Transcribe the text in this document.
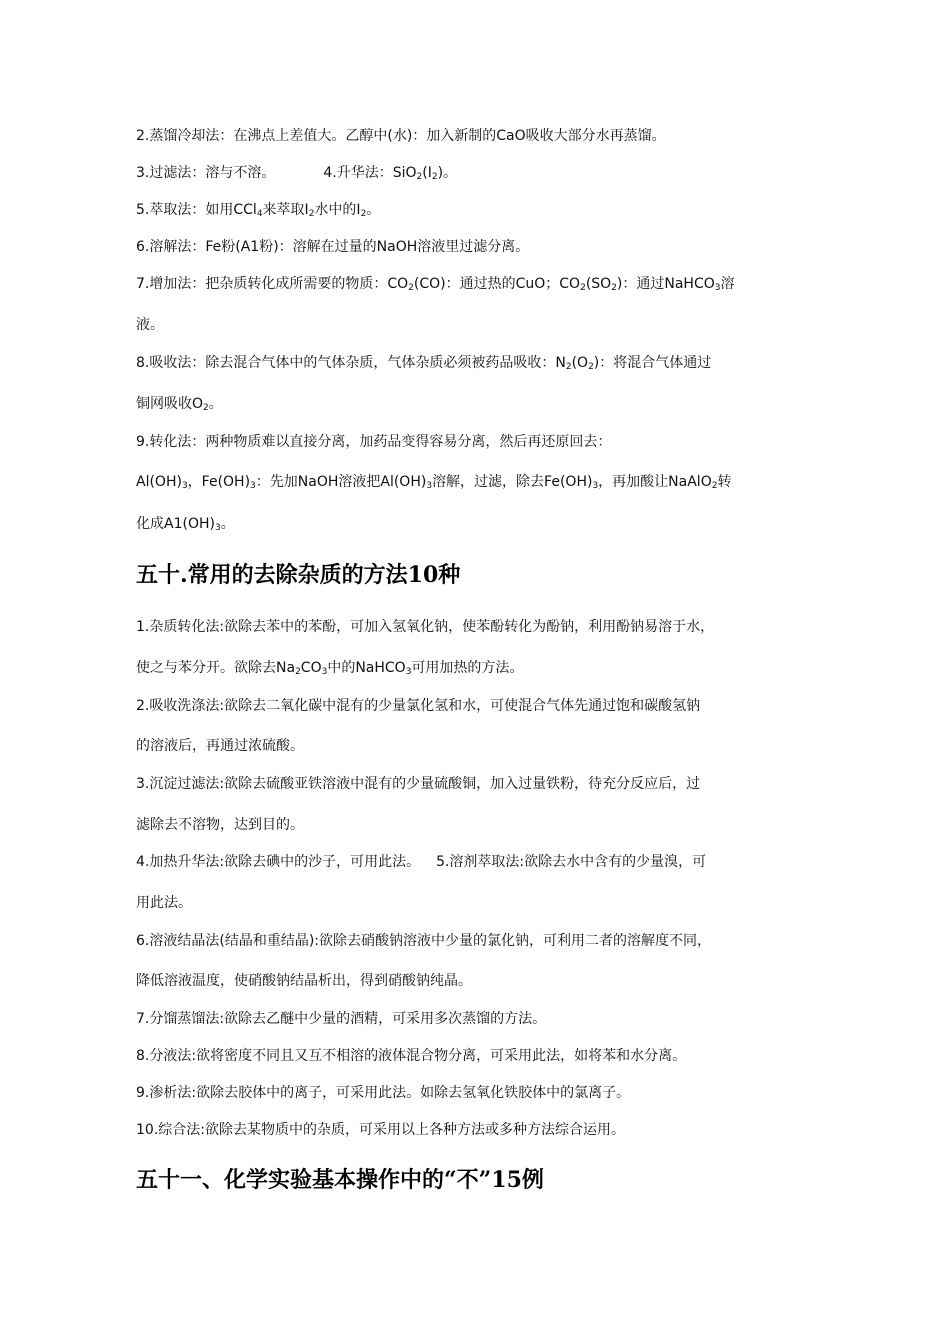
2.蒸馏冷却法：在沸点上差值大。乙醇中(水)：加入新制的CaO吸收大部分水再蒸馏。
3.过滤法：溶与不溶。	4.升华法：$SiO_2(I_2)$。
5.萃取法：如用CCl$_4$来萃取$I_2$水中的$I_2$。
6.溶解法：Fe粉(A1粉)：溶解在过量的NaOH溶液里过滤分离。
7.增加法：把杂质转化成所需要的物质：$CO_2(CO)$：通过热的CuO；$CO_2(SO_2)$：通过NaHCO$_3$溶
液。
8.吸收法：除去混合气体中的气体杂质，气体杂质必须被药品吸收：$N_2(O_2)$：将混合气体通过
铜网吸收$O_2$。
9.转化法：两种物质难以直接分离，加药品变得容易分离，然后再还原回去：
$Al(OH)_3$，$Fe(OH)_3$：先加NaOH溶液把$Al(OH)_3$溶解，过滤，除去$Fe(OH)_3$，再加酸让NaAlO$_2$转
化成$A1(OH)_3$。
五十.常用的去除杂质的方法10种
1.杂质转化法:欲除去苯中的苯酚，可加入氢氧化钠，使苯酚转化为酚钠，利用酚钠易溶于水，
使之与苯分开。欲除去$Na_2CO_3$中的NaHCO$_3$可用加热的方法。
2.吸收洗涤法:欲除去二氧化碳中混有的少量氯化氢和水，可使混合气体先通过饱和碳酸氢钠
的溶液后，再通过浓硫酸。
3.沉淀过滤法:欲除去硫酸亚铁溶液中混有的少量硫酸铜，加入过量铁粉，待充分反应后，过
滤除去不溶物，达到目的。
4.加热升华法:欲除去碘中的沙子，可用此法。 5.溶剂萃取法:欲除去水中含有的少量溴，可
用此法。
6.溶液结晶法(结晶和重结晶):欲除去硝酸钠溶液中少量的氯化钠，可利用二者的溶解度不同，
降低溶液温度，使硝酸钠结晶析出，得到硝酸钠纯晶。
7.分馏蒸馏法:欲除去乙醚中少量的酒精，可采用多次蒸馏的方法。
8.分液法:欲将密度不同且又互不相溶的液体混合物分离，可采用此法，如将苯和水分离。
9.渗析法:欲除去胶体中的离子，可采用此法。如除去氢氧化铁胶体中的氯离子。
10.综合法:欲除去某物质中的杂质，可采用以上各种方法或多种方法综合运用。
五十一、化学实验基本操作中的“不”15例
